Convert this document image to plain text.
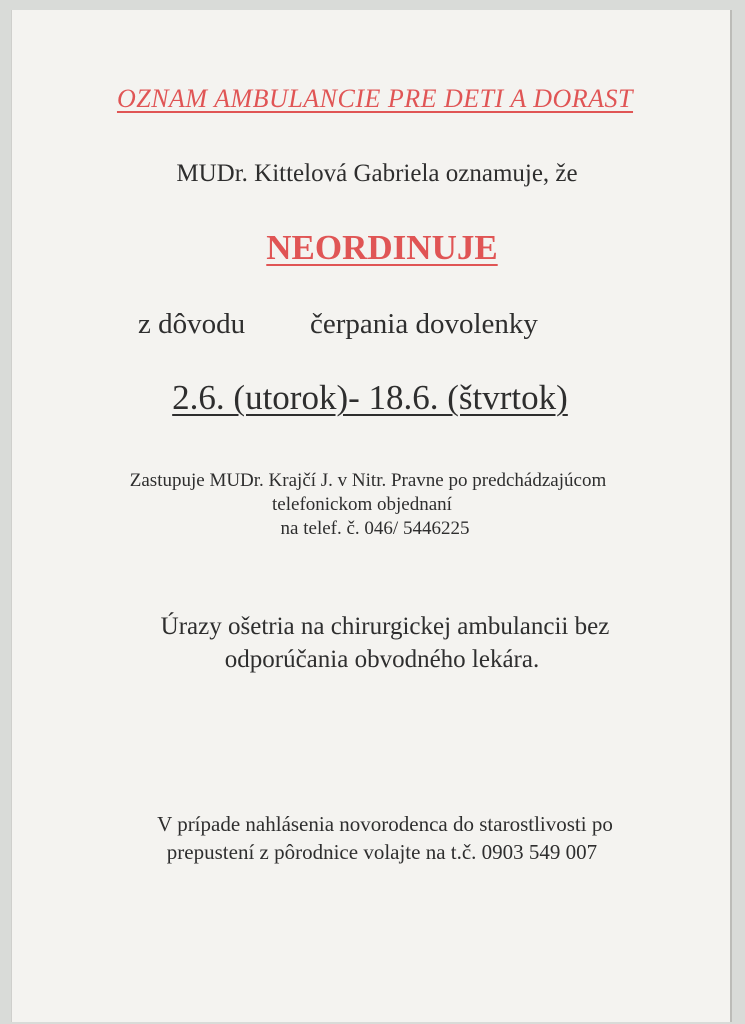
OZNAM AMBULANCIE PRE DETI A DORAST
MUDr. Kittelová Gabriela oznamuje, že
NEORDINUJE
z dôvodu čerpania dovolenky
2.6. (utorok)- 18.6. (štvrtok)
Zastupuje MUDr. Krajčí J. v Nitr. Pravne po predchádzajúcom
telefonickom objednaní
na telef. č. 046/ 5446225
Úrazy ošetria na chirurgickej ambulancii bez
odporúčania obvodného lekára.
V prípade nahlásenia novorodenca do starostlivosti po
prepustení z pôrodnice volajte na t.č. 0903 549 007
